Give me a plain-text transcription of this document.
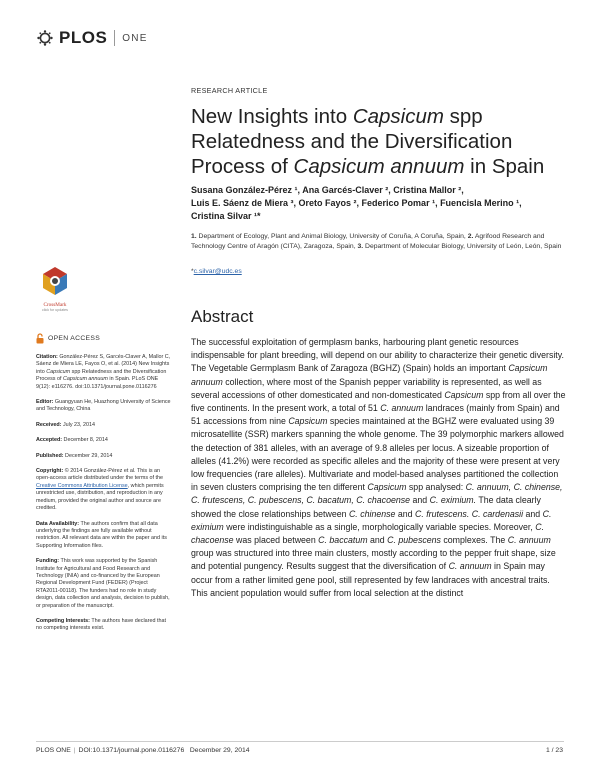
PLOS ONE
RESEARCH ARTICLE
New Insights into Capsicum spp Relatedness and the Diversification Process of Capsicum annuum in Spain
Susana González-Pérez ¹, Ana Garcés-Claver ², Cristina Mallor ²,
Luis E. Sáenz de Miera ³, Oreto Fayos ², Federico Pomar ¹, Fuencisla Merino ¹,
Cristina Silvar ¹*
1. Department of Ecology, Plant and Animal Biology, University of Coruña, A Coruña, Spain, 2. Agrifood Research and Technology Centre of Aragón (CITA), Zaragoza, Spain, 3. Department of Molecular Biology, University of León, León, Spain
*c.silvar@udc.es
CrossMark
click for updates
OPEN ACCESS
Citation: González-Pérez S, Garcés-Claver A, Mallor C, Sáenz de Miera LE, Fayos O, et al. (2014) New Insights into Capsicum spp Relatedness and the Diversification Process of Capsicum annuum in Spain. PLoS ONE 9(12): e116276. doi:10.1371/journal.pone.0116276
Editor: Guangyuan He, Huazhong University of Science and Technology, China
Received: July 23, 2014
Accepted: December 8, 2014
Published: December 29, 2014
Copyright: © 2014 González-Pérez et al. This is an open-access article distributed under the terms of the Creative Commons Attribution License, which permits unrestricted use, distribution, and reproduction in any medium, provided the original author and source are credited.
Data Availability: The authors confirm that all data underlying the findings are fully available without restriction. All relevant data are within the paper and its Supporting Information files.
Funding: This work was supported by the Spanish Institute for Agricultural and Food Research and Technology (INIA) and co-financed by the European Regional Development Fund (FEDER) (Project RTA2011-00118). The funders had no role in study design, data collection and analysis, decision to publish, or preparation of the manuscript.
Competing Interests: The authors have declared that no competing interests exist.
Abstract
The successful exploitation of germplasm banks, harbouring plant genetic resources indispensable for plant breeding, will depend on our ability to characterize their genetic diversity. The Vegetable Germplasm Bank of Zaragoza (BGHZ) (Spain) holds an important Capsicum annuum collection, where most of the Spanish pepper variability is represented, as well as several accessions of other domesticated and non-domesticated Capsicum spp from all over the five continents. In the present work, a total of 51 C. annuum landraces (mainly from Spain) and 51 accessions from nine Capsicum species maintained at the BGHZ were evaluated using 39 microsatellite (SSR) markers spanning the whole genome. The 39 polymorphic markers allowed the detection of 381 alleles, with an average of 9.8 alleles per locus. A sizeable proportion of alleles (41.2%) were recorded as specific alleles and the majority of these were present at very low frequencies (rare alleles). Multivariate and model-based analyses partitioned the collection in seven clusters comprising the ten different Capsicum spp analysed: C. annuum, C. chinense, C. frutescens, C. pubescens, C. bacatum, C. chacoense and C. eximium. The data clearly showed the close relationships between C. chinense and C. frutescens. C. cardenasii and C. eximium were indistinguishable as a single, morphologically variable species. Moreover, C. chacoense was placed between C. baccatum and C. pubescens complexes. The C. annuum group was structured into three main clusters, mostly according to the pepper fruit shape, size and potential pungency. Results suggest that the diversification of C. annuum in Spain may occur from a rather limited gene pool, still represented by few landraces with ancestral traits. This ancient population would suffer from local selection at the distinct
PLOS ONE | DOI:10.1371/journal.pone.0116276 December 29, 2014	1 / 23
